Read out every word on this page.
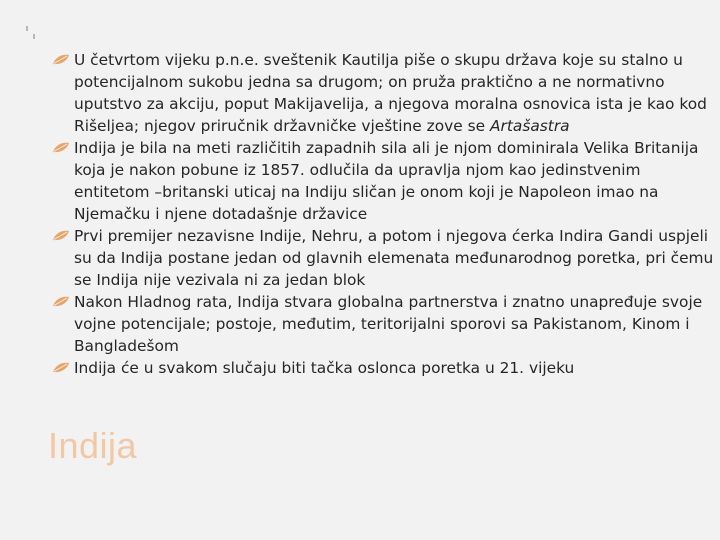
Indija
U četvrtom vijeku p.n.e. sveštenik Kautilja piše o skupu država koje su stalno u potencijalnom sukobu jedna sa drugom; on pruža praktično a ne normativno uputstvo za akciju, poput Makijavelija, a njegova moralna osnovica ista je kao kod Rišeljea; njegov priručnik državničke vještine zove se Artašastra
Indija je bila na meti različitih zapadnih sila ali je njom dominirala Velika Britanija koja je nakon pobune iz 1857. odlučila da upravlja njom kao jedinstvenim entitetom –britanski uticaj na Indiju sličan je onom koji je Napoleon imao na Njemačku i njene dotadašnje državice
Prvi premijer nezavisne Indije, Nehru, a potom i njegova ćerka Indira Gandi uspjeli su da Indija postane jedan od glavnih elemenata međunarodnog poretka, pri čemu se Indija nije vezivala ni za jedan blok
Nakon Hladnog rata, Indija stvara globalna partnerstva i znatno unapređuje svoje vojne potencijale; postoje, međutim, teritorijalni sporovi sa Pakistanom, Kinom i Bangladešom
Indija će u svakom slučaju biti tačka oslonca poretka u 21. vijeku
